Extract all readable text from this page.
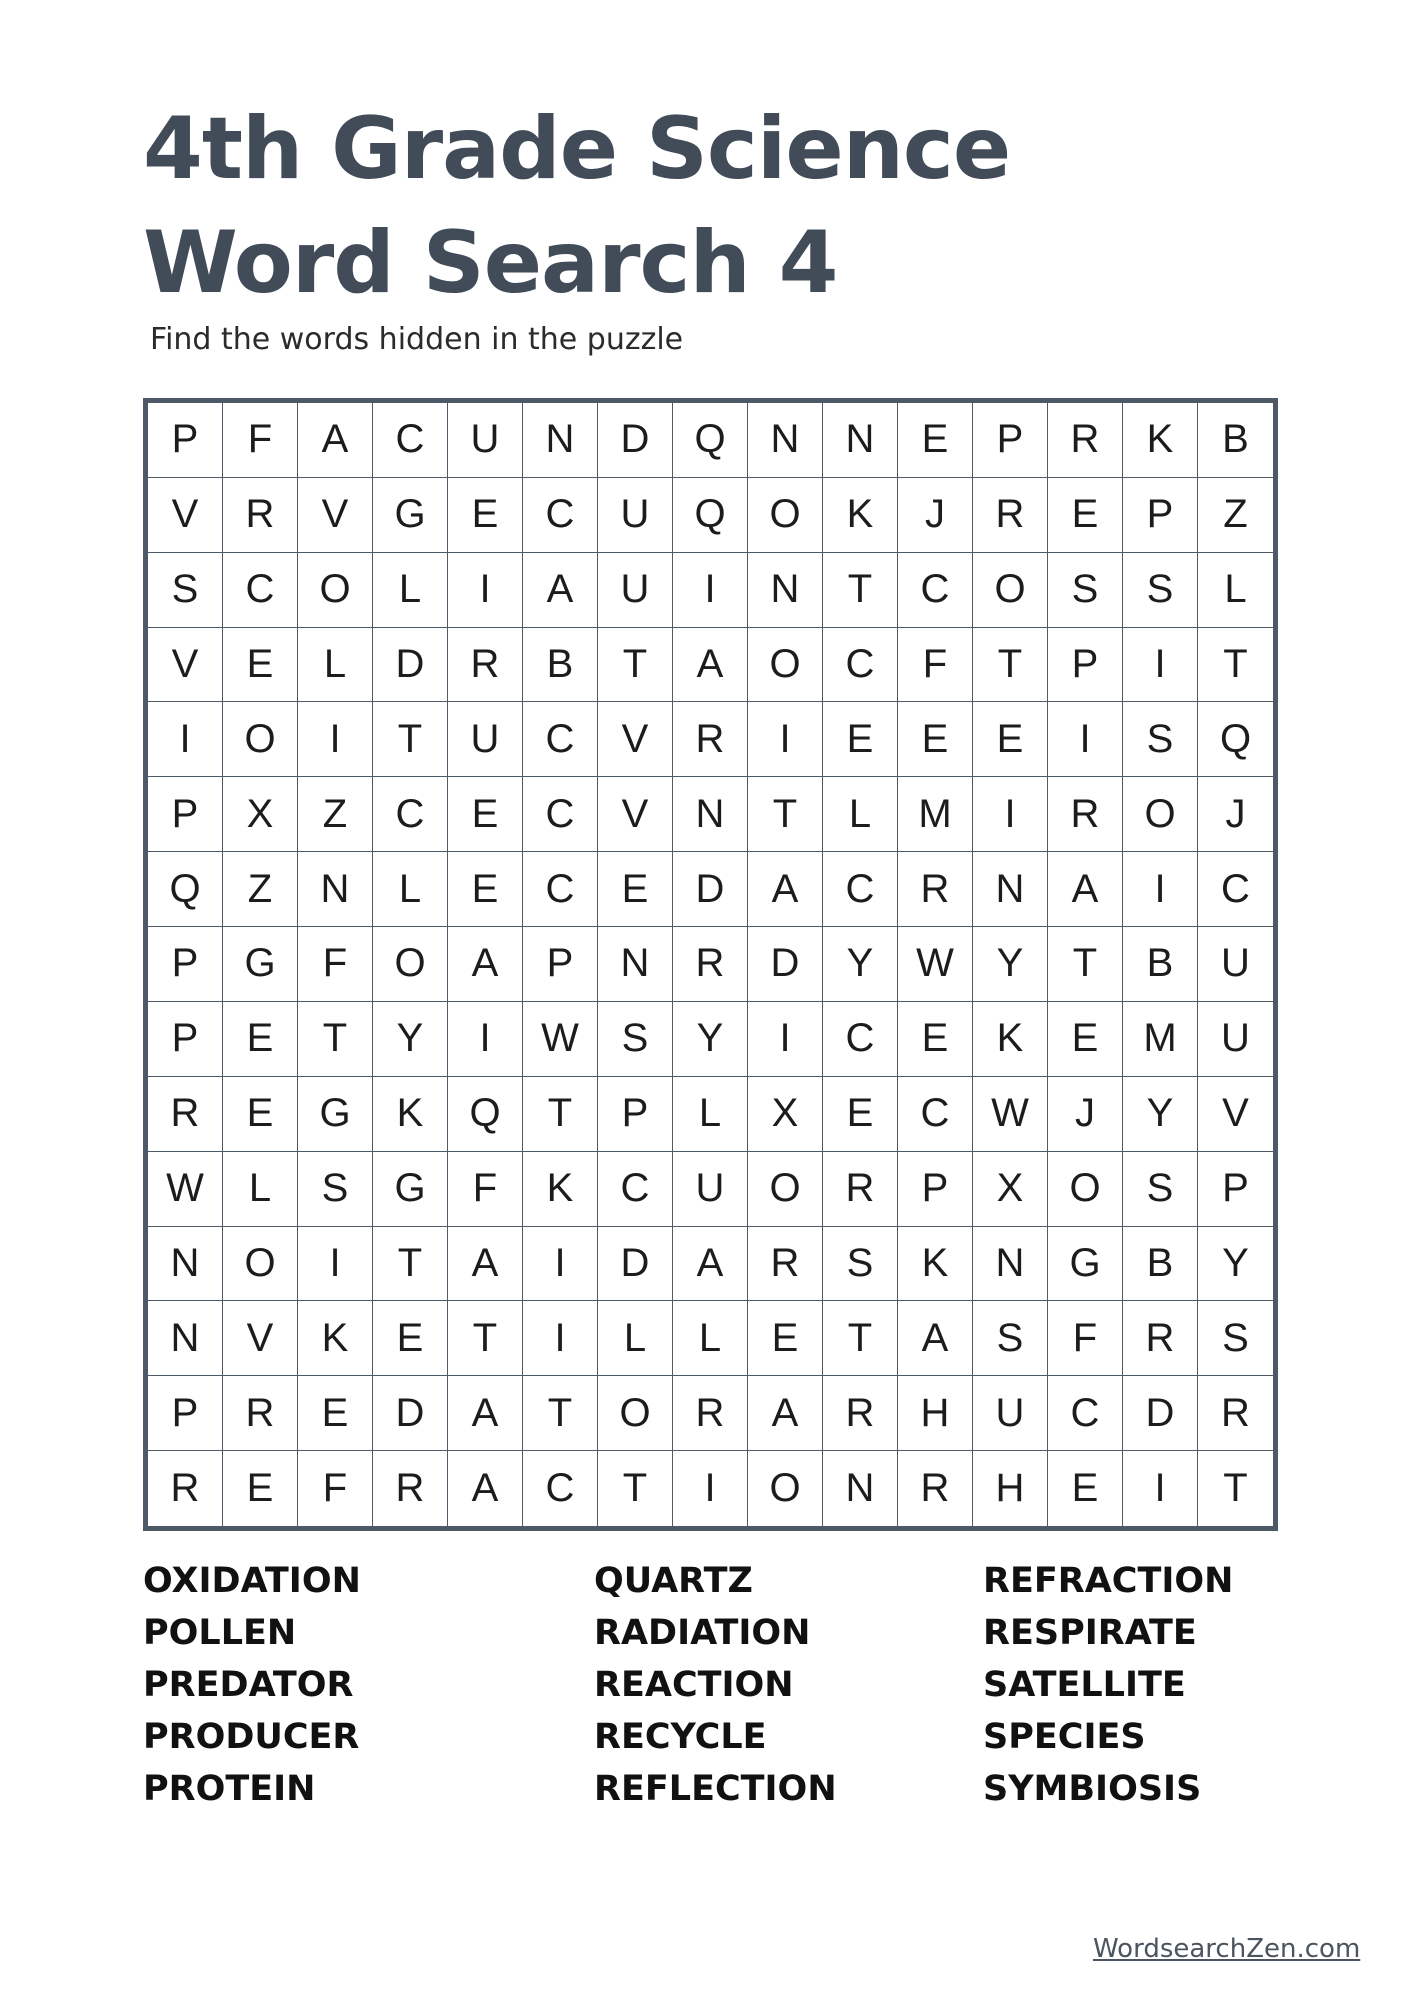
4th Grade Science
Word Search 4
Find the words hidden in the puzzle
P	F	A	C	U	N	D	Q	N	N	E	P	R	K	B
V	R	V	G	E	C	U	Q	O	K	J	R	E	P	Z
S	C	O	L	I	A	U	I	N	T	C	O	S	S	L
V	E	L	D	R	B	T	A	O	C	F	T	P	I	T
I	O	I	T	U	C	V	R	I	E	E	E	I	S	Q
P	X	Z	C	E	C	V	N	T	L	M	I	R	O	J
Q	Z	N	L	E	C	E	D	A	C	R	N	A	I	C
P	G	F	O	A	P	N	R	D	Y	W	Y	T	B	U
P	E	T	Y	I	W	S	Y	I	C	E	K	E	M	U
R	E	G	K	Q	T	P	L	X	E	C	W	J	Y	V
W	L	S	G	F	K	C	U	O	R	P	X	O	S	P
N	O	I	T	A	I	D	A	R	S	K	N	G	B	Y
N	V	K	E	T	I	L	L	E	T	A	S	F	R	S
P	R	E	D	A	T	O	R	A	R	H	U	C	D	R
R	E	F	R	A	C	T	I	O	N	R	H	E	I	T
OXIDATION
POLLEN
PREDATOR
PRODUCER
PROTEIN
QUARTZ
RADIATION
REACTION
RECYCLE
REFLECTION
REFRACTION
RESPIRATE
SATELLITE
SPECIES
SYMBIOSIS
WordsearchZen.com
